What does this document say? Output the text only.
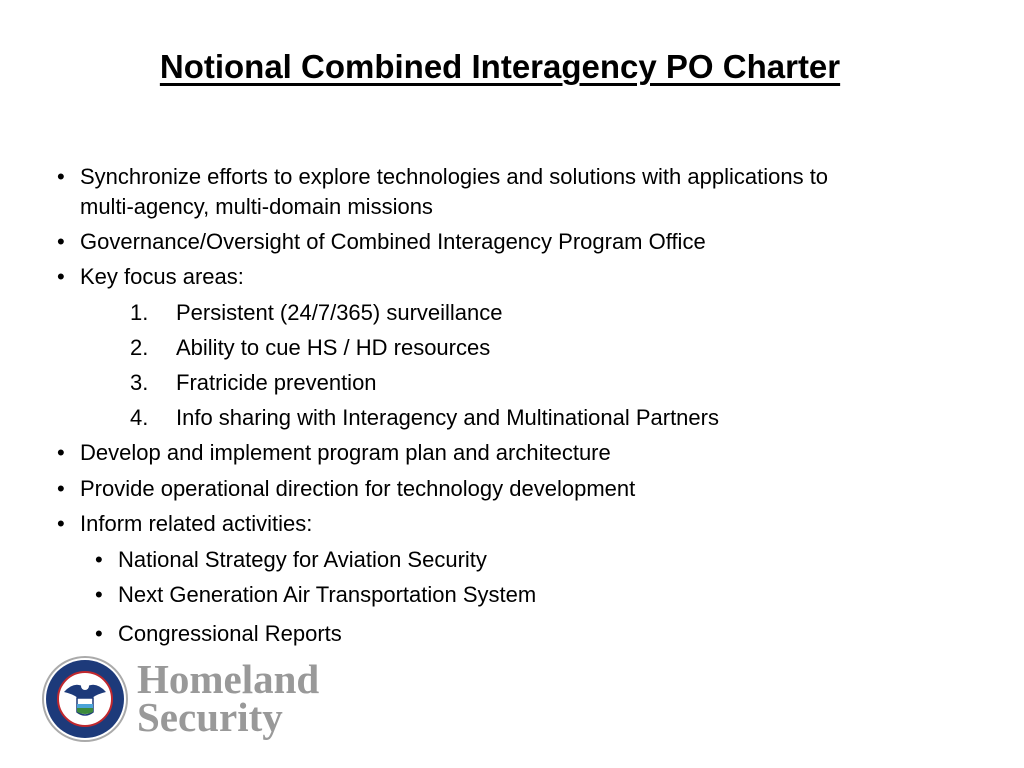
Notional Combined Interagency PO Charter
• Synchronize efforts to explore technologies and solutions with applications to
multi-agency, multi-domain missions
• Governance/Oversight of Combined Interagency Program Office
• Key focus areas:
1. Persistent (24/7/365) surveillance
2. Ability to cue HS / HD resources
3. Fratricide prevention
4. Info sharing with Interagency and Multinational Partners
• Develop and implement program plan and architecture
• Provide operational direction for technology development
• Inform related activities:
• National Strategy for Aviation Security
• Next Generation Air Transportation System
• Congressional Reports
Homeland
Security
